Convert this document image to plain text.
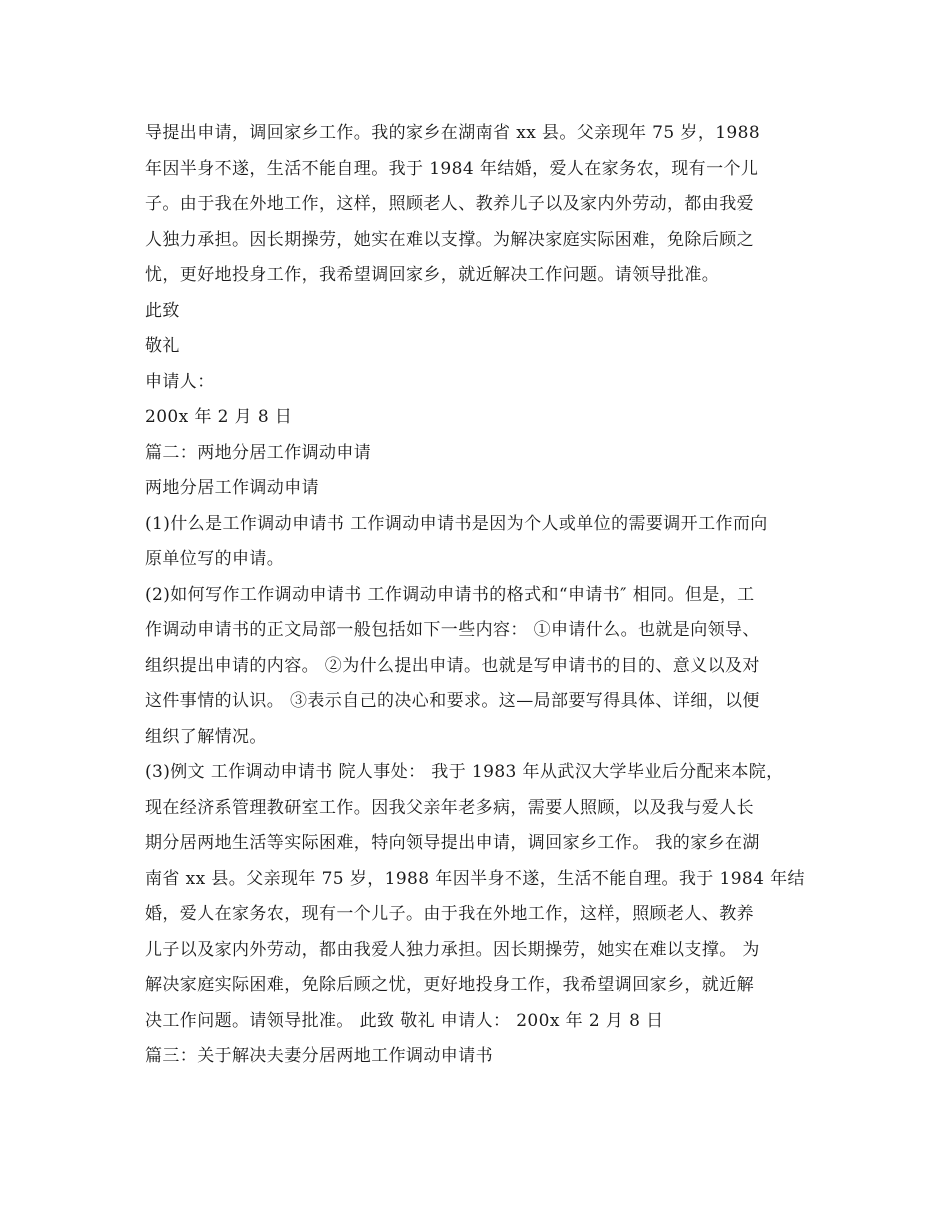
导提出申请，调回家乡工作。我的家乡在湖南省 xx 县。父亲现年 75 岁，1988
年因半身不遂，生活不能自理。我于 1984 年结婚，爱人在家务农，现有一个儿
子。由于我在外地工作，这样，照顾老人、教养儿子以及家内外劳动，都由我爱
人独力承担。因长期操劳，她实在难以支撑。为解决家庭实际困难，免除后顾之
忧，更好地投身工作，我希望调回家乡，就近解决工作问题。请领导批准。
此致
敬礼
申请人：
200x 年 2 月 8 日
篇二：两地分居工作调动申请
两地分居工作调动申请
(1)什么是工作调动申请书 工作调动申请书是因为个人或单位的需要调开工作而向
原单位写的申请。
(2)如何写作工作调动申请书 工作调动申请书的格式和“申请书″ 相同。但是，工
作调动申请书的正文局部一般包括如下一些内容： ①申请什么。也就是向领导、
组织提出申请的内容。 ②为什么提出申请。也就是写申请书的目的、意义以及对
这件事情的认识。 ③表示自己的决心和要求。这—局部要写得具体、详细，以便
组织了解情况。
(3)例文 工作调动申请书 院人事处： 我于 1983 年从武汉大学毕业后分配来本院，
现在经济系管理教研室工作。因我父亲年老多病，需要人照顾，以及我与爱人长
期分居两地生活等实际困难，特向领导提出申请，调回家乡工作。 我的家乡在湖
南省 xx 县。父亲现年 75 岁，1988 年因半身不遂，生活不能自理。我于 1984 年结
婚，爱人在家务农，现有一个儿子。由于我在外地工作，这样，照顾老人、教养
儿子以及家内外劳动，都由我爱人独力承担。因长期操劳，她实在难以支撑。 为
解决家庭实际困难，免除后顾之忧，更好地投身工作，我希望调回家乡，就近解
决工作问题。请领导批准。 此致 敬礼 申请人： 200x 年 2 月 8 日
篇三：关于解决夫妻分居两地工作调动申请书
